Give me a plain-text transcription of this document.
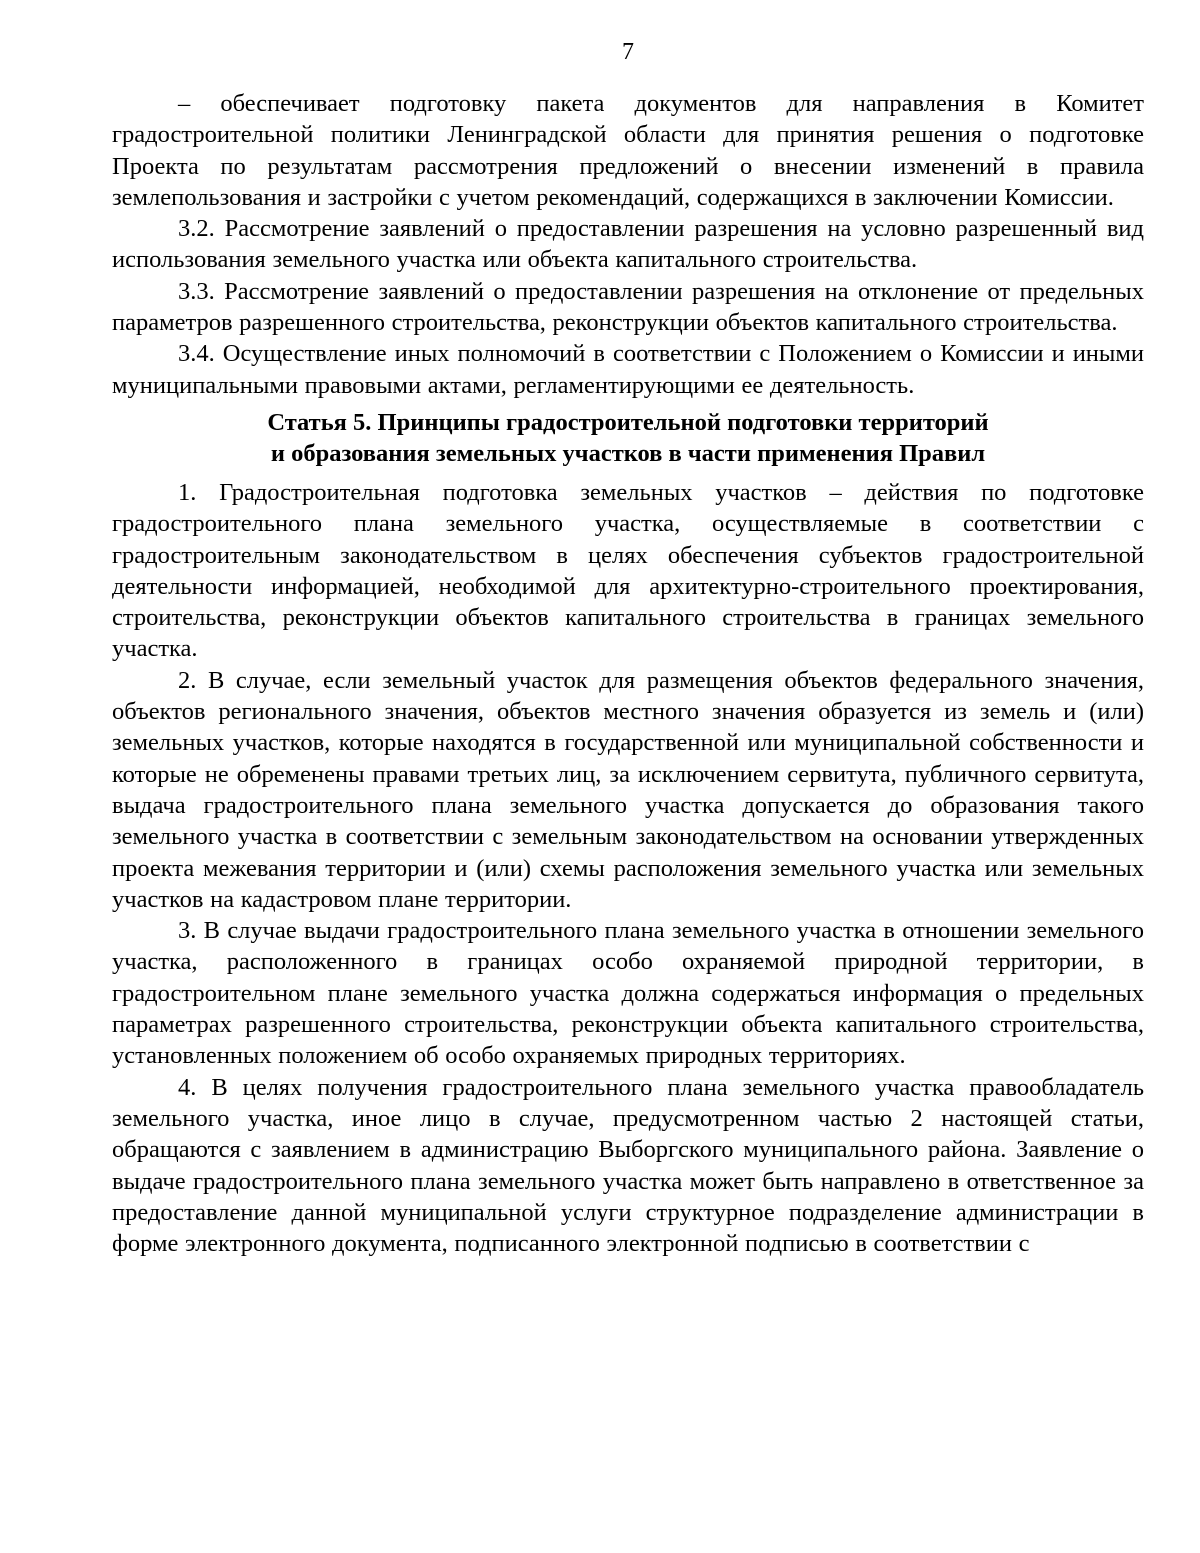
7

– обеспечивает подготовку пакета документов для направления в Комитет градостроительной политики Ленинградской области для принятия решения о подготовке Проекта по результатам рассмотрения предложений о внесении изменений в правила землепользования и застройки с учетом рекомендаций, содержащихся в заключении Комиссии.

3.2. Рассмотрение заявлений о предоставлении разрешения на условно разрешенный вид использования земельного участка или объекта капитального строительства.

3.3. Рассмотрение заявлений о предоставлении разрешения на отклонение от предельных параметров разрешенного строительства, реконструкции объектов капитального строительства.

3.4. Осуществление иных полномочий в соответствии с Положением о Комиссии и иными муниципальными правовыми актами, регламентирующими ее деятельность.

Статья 5. Принципы градостроительной подготовки территорий
и образования земельных участков в части применения Правил

1. Градостроительная подготовка земельных участков – действия по подготовке градостроительного плана земельного участка, осуществляемые в соответствии с градостроительным законодательством в целях обеспечения субъектов градостроительной деятельности информацией, необходимой для архитектурно-строительного проектирования, строительства, реконструкции объектов капитального строительства в границах земельного участка.

2. В случае, если земельный участок для размещения объектов федерального значения, объектов регионального значения, объектов местного значения образуется из земель и (или) земельных участков, которые находятся в государственной или муниципальной собственности и которые не обременены правами третьих лиц, за исключением сервитута, публичного сервитута, выдача градостроительного плана земельного участка допускается до образования такого земельного участка в соответствии с земельным законодательством на основании утвержденных проекта межевания территории и (или) схемы расположения земельного участка или земельных участков на кадастровом плане территории.

3. В случае выдачи градостроительного плана земельного участка в отношении земельного участка, расположенного в границах особо охраняемой природной территории, в градостроительном плане земельного участка должна содержаться информация о предельных параметрах разрешенного строительства, реконструкции объекта капитального строительства, установленных положением об особо охраняемых природных территориях.

4. В целях получения градостроительного плана земельного участка правообладатель земельного участка, иное лицо в случае, предусмотренном частью 2 настоящей статьи, обращаются с заявлением в администрацию Выборгского муниципального района. Заявление о выдаче градостроительного плана земельного участка может быть направлено в ответственное за предоставление данной муниципальной услуги структурное подразделение администрации в форме электронного документа, подписанного электронной подписью в соответствии с
